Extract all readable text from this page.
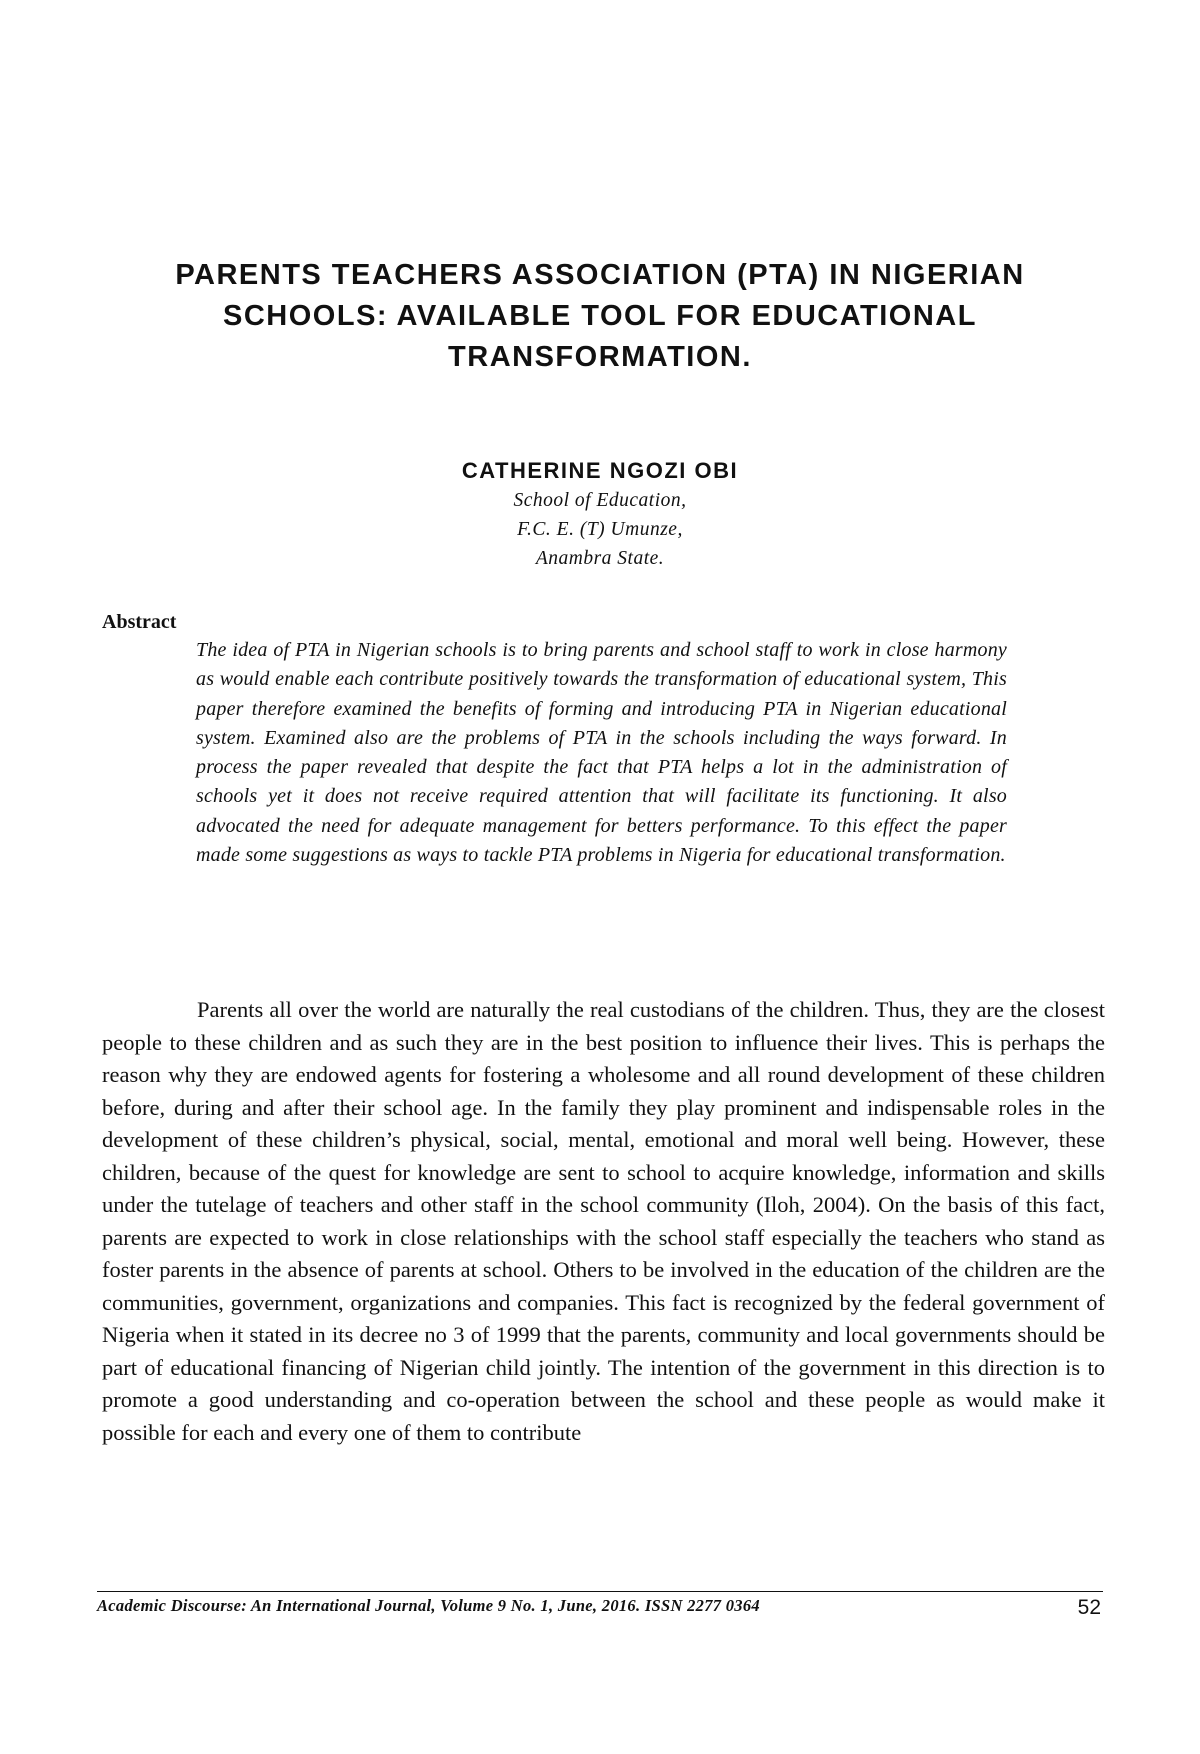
PARENTS TEACHERS ASSOCIATION (PTA) IN NIGERIAN
SCHOOLS: AVAILABLE TOOL FOR EDUCATIONAL
TRANSFORMATION.
CATHERINE NGOZI OBI
School of Education,
F.C. E. (T) Umunze,
Anambra State.
Abstract

The idea of PTA in Nigerian schools is to bring parents and school staff to work in close harmony as would enable each contribute positively towards the transformation of educational system, This paper therefore examined the benefits of forming and introducing PTA in Nigerian educational system. Examined also are the problems of PTA in the schools including the ways forward. In process the paper revealed that despite the fact that PTA helps a lot in the administration of schools yet it does not receive required attention that will facilitate its functioning. It also advocated the need for adequate management for betters performance. To this effect the paper made some suggestions as ways to tackle PTA problems in Nigeria for educational transformation.

Parents all over the world are naturally the real custodians of the children. Thus, they are the closest people to these children and as such they are in the best position to influence their lives. This is perhaps the reason why they are endowed agents for fostering a wholesome and all round development of these children before, during and after their school age. In the family they play prominent and indispensable roles in the development of these children’s physical, social, mental, emotional and moral well being. However, these children, because of the quest for knowledge are sent to school to acquire knowledge, information and skills under the tutelage of teachers and other staff in the school community (Iloh, 2004). On the basis of this fact, parents are expected to work in close relationships with the school staff especially the teachers who stand as foster parents in the absence of parents at school. Others to be involved in the education of the children are the communities, government, organizations and companies. This fact is recognized by the federal government of Nigeria when it stated in its decree no 3 of 1999 that the parents, community and local governments should be part of educational financing of Nigerian child jointly. The intention of the government in this direction is to promote a good understanding and co-operation between the school and these people as would make it possible for each and every one of them to contribute

Academic Discourse: An International Journal, Volume 9 No. 1, June, 2016. ISSN 2277 0364	52
